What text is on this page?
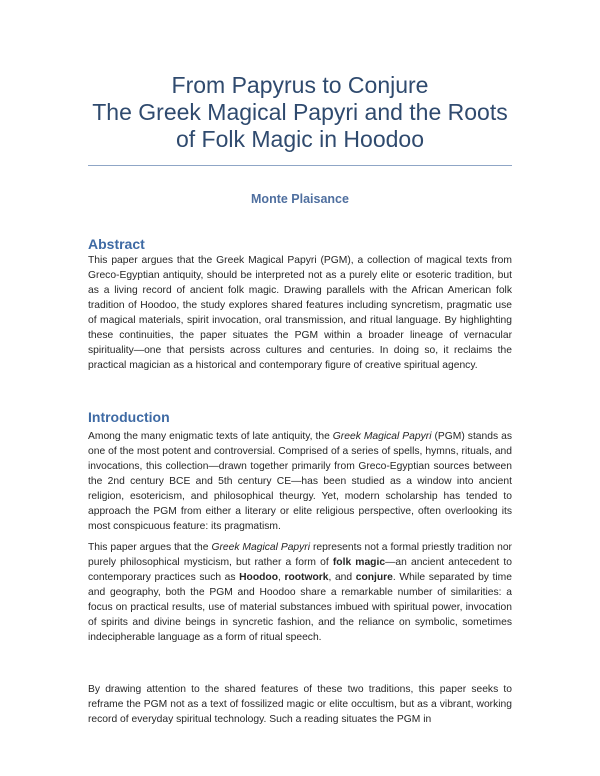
From Papyrus to Conjure
The Greek Magical Papyri and the Roots
of Folk Magic in Hoodoo
Monte Plaisance
Abstract

This paper argues that the Greek Magical Papyri (PGM), a collection of magical texts from Greco-Egyptian antiquity, should be interpreted not as a purely elite or esoteric tradition, but as a living record of ancient folk magic. Drawing parallels with the African American folk tradition of Hoodoo, the study explores shared features including syncretism, pragmatic use of magical materials, spirit invocation, oral transmission, and ritual language. By highlighting these continuities, the paper situates the PGM within a broader lineage of vernacular spirituality—one that persists across cultures and centuries. In doing so, it reclaims the practical magician as a historical and contemporary figure of creative spiritual agency.

Introduction

Among the many enigmatic texts of late antiquity, the Greek Magical Papyri (PGM) stands as one of the most potent and controversial. Comprised of a series of spells, hymns, rituals, and invocations, this collection—drawn together primarily from Greco-Egyptian sources between the 2nd century BCE and 5th century CE—has been studied as a window into ancient religion, esotericism, and philosophical theurgy. Yet, modern scholarship has tended to approach the PGM from either a literary or elite religious perspective, often overlooking its most conspicuous feature: its pragmatism.

This paper argues that the Greek Magical Papyri represents not a formal priestly tradition nor purely philosophical mysticism, but rather a form of folk magic—an ancient antecedent to contemporary practices such as Hoodoo, rootwork, and conjure. While separated by time and geography, both the PGM and Hoodoo share a remarkable number of similarities: a focus on practical results, use of material substances imbued with spiritual power, invocation of spirits and divine beings in syncretic fashion, and the reliance on symbolic, sometimes indecipherable language as a form of ritual speech.

By drawing attention to the shared features of these two traditions, this paper seeks to reframe the PGM not as a text of fossilized magic or elite occultism, but as a vibrant, working record of everyday spiritual technology. Such a reading situates the PGM in
